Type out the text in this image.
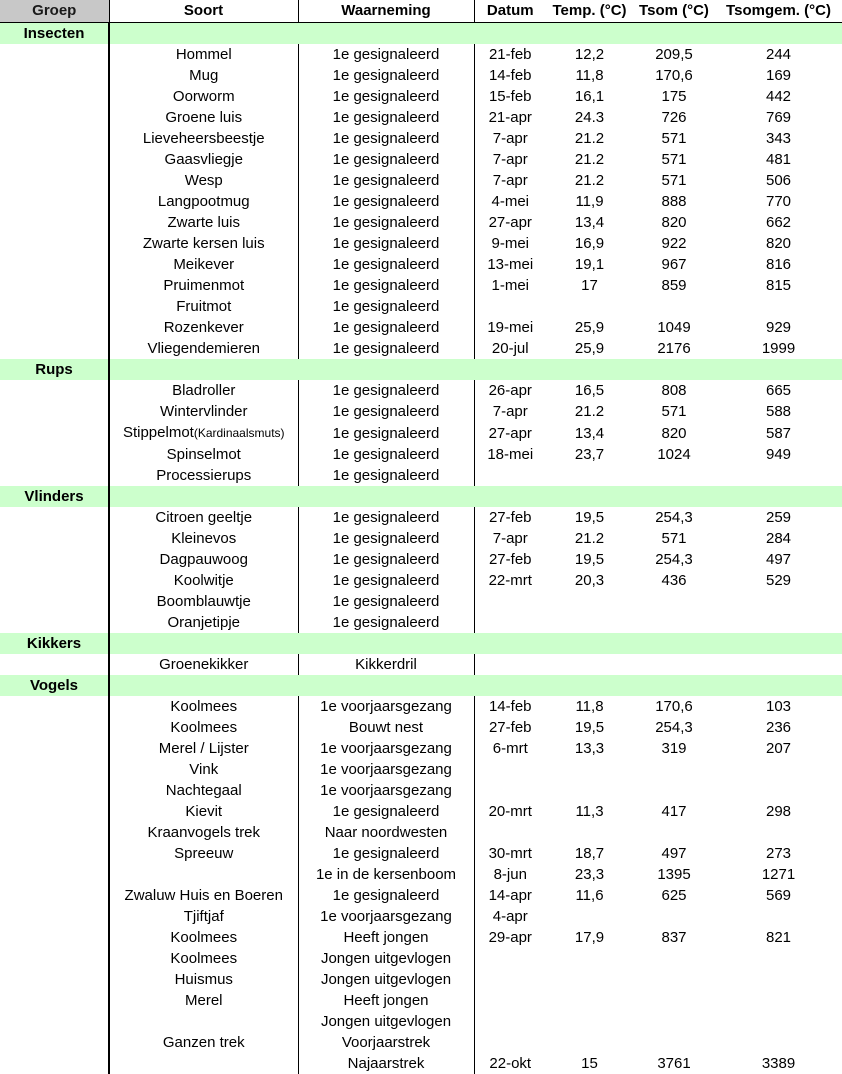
Groep	Soort	Waarneming	Datum	Temp. (°C)	Tsom (°C)	Tsomgem. (°C)
Insecten						
	Hommel	1e gesignaleerd	21-feb	12,2	209,5	244
	Mug	1e gesignaleerd	14-feb	11,8	170,6	169
	Oorworm	1e gesignaleerd	15-feb	16,1	175	442
	Groene luis	1e gesignaleerd	21-apr	24.3	726	769
	Lieveheersbeestje	1e gesignaleerd	7-apr	21.2	571	343
	Gaasvliegje	1e gesignaleerd	7-apr	21.2	571	481
	Wesp	1e gesignaleerd	7-apr	21.2	571	506
	Langpootmug	1e gesignaleerd	4-mei	11,9	888	770
	Zwarte luis	1e gesignaleerd	27-apr	13,4	820	662
	Zwarte kersen luis	1e gesignaleerd	9-mei	16,9	922	820
	Meikever	1e gesignaleerd	13-mei	19,1	967	816
	Pruimenmot	1e gesignaleerd	1-mei	17	859	815
	Fruitmot	1e gesignaleerd				
	Rozenkever	1e gesignaleerd	19-mei	25,9	1049	929
	Vliegendemieren	1e gesignaleerd	20-jul	25,9	2176	1999
Rups						
	Bladroller	1e gesignaleerd	26-apr	16,5	808	665
	Wintervlinder	1e gesignaleerd	7-apr	21.2	571	588
	Stippelmot(Kardinaalsmuts)	1e gesignaleerd	27-apr	13,4	820	587
	Spinselmot	1e gesignaleerd	18-mei	23,7	1024	949
	Processierups	1e gesignaleerd				
Vlinders						
	Citroen geeltje	1e gesignaleerd	27-feb	19,5	254,3	259
	Kleinevos	1e gesignaleerd	7-apr	21.2	571	284
	Dagpauwoog	1e gesignaleerd	27-feb	19,5	254,3	497
	Koolwitje	1e gesignaleerd	22-mrt	20,3	436	529
	Boomblauwtje	1e gesignaleerd				
	Oranjetipje	1e gesignaleerd				
Kikkers						
	Groenekikker	Kikkerdril				
Vogels						
	Koolmees	1e voorjaarsgezang	14-feb	11,8	170,6	103
	Koolmees	Bouwt nest	27-feb	19,5	254,3	236
	Merel / Lijster	1e voorjaarsgezang	6-mrt	13,3	319	207
	Vink	1e voorjaarsgezang				
	Nachtegaal	1e voorjaarsgezang				
	Kievit	1e gesignaleerd	20-mrt	11,3	417	298
	Kraanvogels trek	Naar noordwesten				
	Spreeuw	1e gesignaleerd	30-mrt	18,7	497	273
		1e in de kersenboom	8-jun	23,3	1395	1271
	Zwaluw Huis en Boeren	1e gesignaleerd	14-apr	11,6	625	569
	Tjiftjaf	1e voorjaarsgezang	4-apr			
	Koolmees	Heeft jongen	29-apr	17,9	837	821
	Koolmees	Jongen uitgevlogen				
	Huismus	Jongen uitgevlogen				
	Merel	Heeft jongen				
		Jongen uitgevlogen				
	Ganzen trek	Voorjaarstrek				
		Najaarstrek	22-okt	15	3761	3389
